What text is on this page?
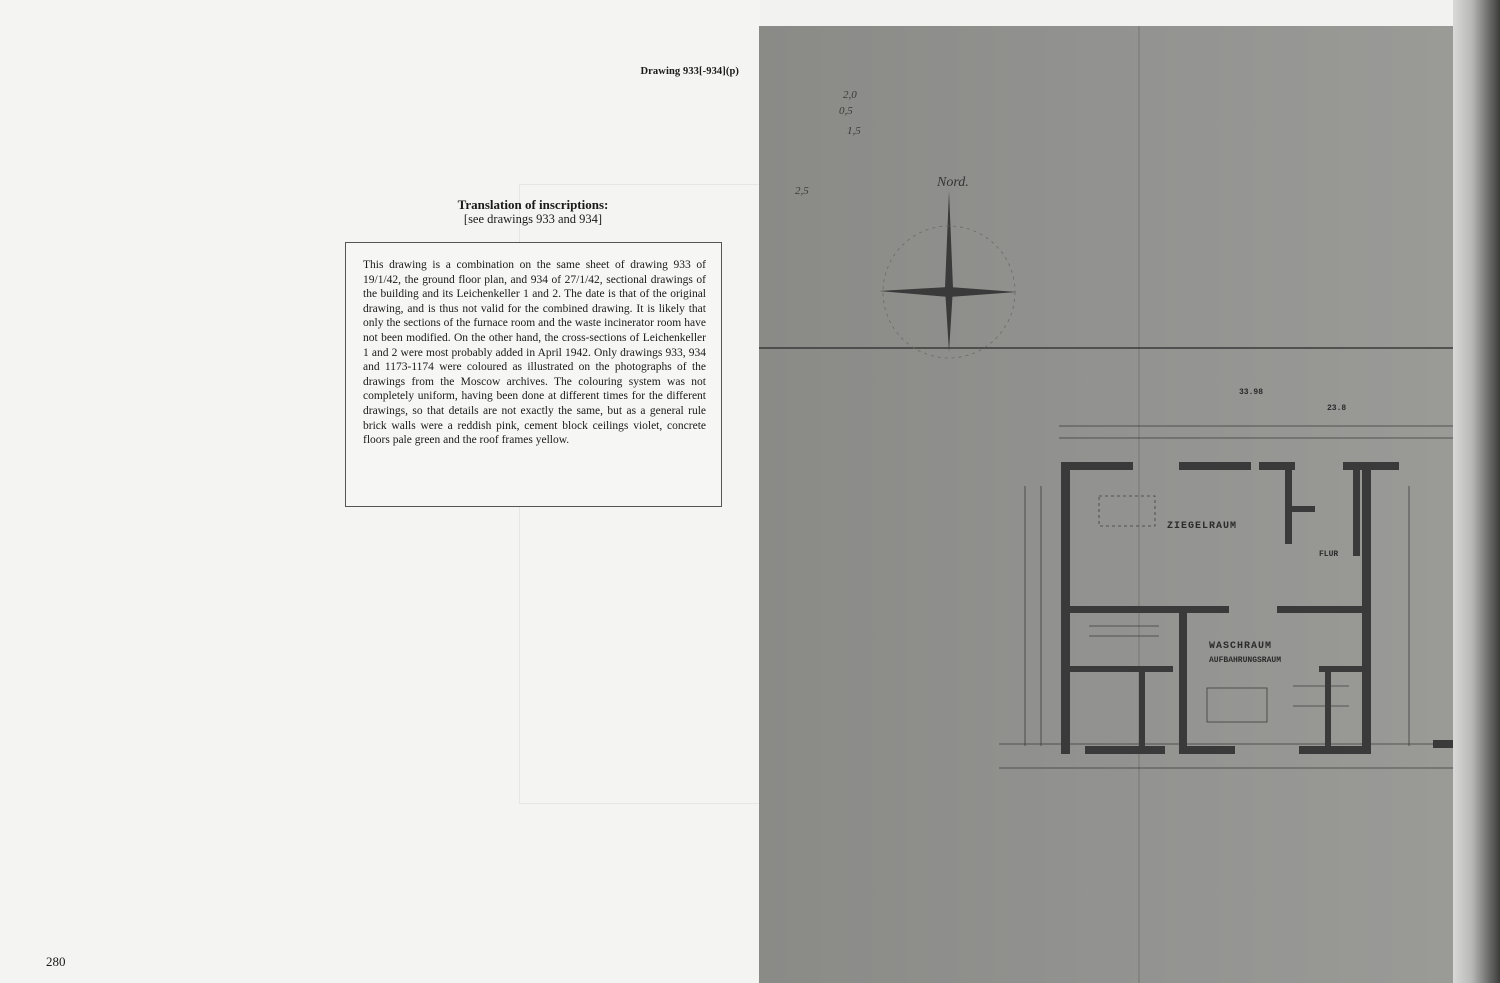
Drawing 933[-934](p)
Translation of inscriptions:
[see drawings 933 and 934]

This drawing is a combination on the same sheet of drawing 933 of 19/1/42, the ground floor plan, and 934 of 27/1/42, sectional drawings of the building and its Leichenkeller 1 and 2. The date is that of the original drawing, and is thus not valid for the combined drawing. It is likely that only the sections of the furnace room and the waste incinerator room have not been modified. On the other hand, the cross-sections of Leichenkeller 1 and 2 were most probably added in April 1942. Only drawings 933, 934 and 1173-1174 were coloured as illustrated on the photographs of the drawings from the Moscow archives. The colouring system was not completely uniform, having been done at different times for the different drawings, so that details are not exactly the same, but as a general rule brick walls were a reddish pink, cement block ceilings violet, concrete floors pale green and the roof frames yellow.

280
Nord.
2,0
0,5
1,5
2,5
33.98
23.8
ZIEGELRAUM
WASCHRAUM
AUFBAHRUNGSRAUM
FLUR
